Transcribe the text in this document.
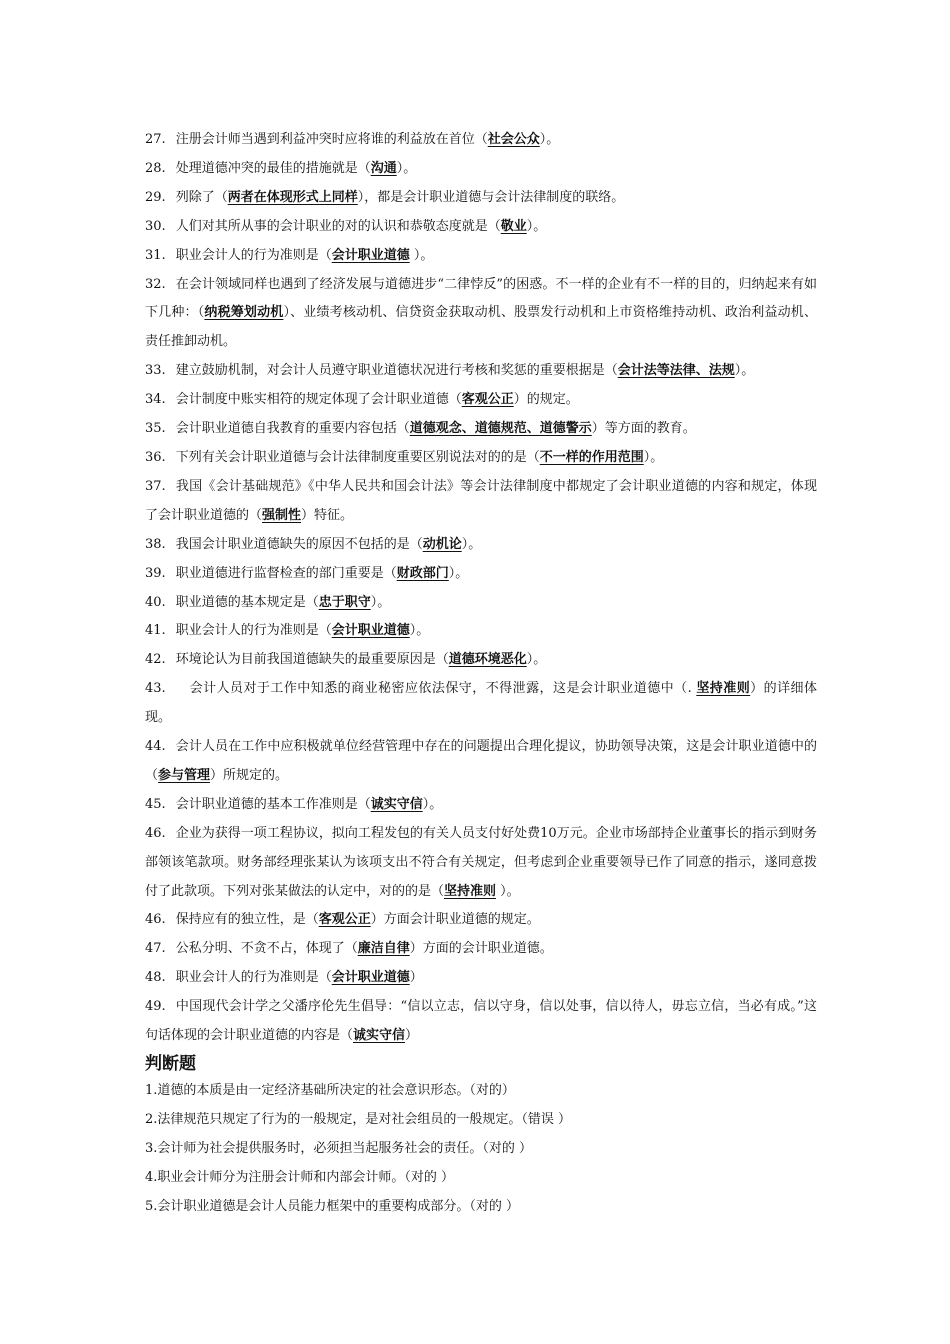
27. 注册会计师当遇到利益冲突时应将谁的利益放在首位（社会公众）。

28. 处理道德冲突的最佳的措施就是（沟通）。

29. 列除了（两者在体现形式上同样），都是会计职业道德与会计法律制度的联络。

30. 人们对其所从事的会计职业的对的认识和恭敬态度就是（敬业）。

31. 职业会计人的行为准则是（会计职业道德 ）。

32. 在会计领域同样也遇到了经济发展与道德进步“二律悖反”的困惑。不一样的企业有不一样的目的，归纳起来有如下几种：（纳税筹划动机）、业绩考核动机、信贷资金获取动机、股票发行动机和上市资格维持动机、政治利益动机、责任推卸动机。

33. 建立鼓励机制，对会计人员遵守职业道德状况进行考核和奖惩的重要根据是（会计法等法律、法规）。

34. 会计制度中账实相符的规定体现了会计职业道德（客观公正）的规定。

35. 会计职业道德自我教育的重要内容包括（道德观念、道德规范、道德警示）等方面的教育。

36. 下列有关会计职业道德与会计法律制度重要区别说法对的的是（不一样的作用范围）。

37. 我国《会计基础规范》《中华人民共和国会计法》等会计法律制度中都规定了会计职业道德的内容和规定，体现了会计职业道德的（强制性）特征。

38. 我国会计职业道德缺失的原因不包括的是（动机论）。

39. 职业道德进行监督检查的部门重要是（财政部门）。

40. 职业道德的基本规定是（忠于职守）。

41. 职业会计人的行为准则是（会计职业道德）。

42. 环境论认为目前我国道德缺失的最重要原因是（道德环境恶化）。

43.　会计人员对于工作中知悉的商业秘密应依法保守，不得泄露，这是会计职业道德中（. 坚持准则）的详细体现。

44. 会计人员在工作中应积极就单位经营管理中存在的问题提出合理化提议，协助领导决策，这是会计职业道德中的（参与管理）所规定的。

45. 会计职业道德的基本工作准则是（诚实守信）。

46. 企业为获得一项工程协议，拟向工程发包的有关人员支付好处费10万元。企业市场部持企业董事长的指示到财务部领该笔款项。财务部经理张某认为该项支出不符合有关规定，但考虑到企业重要领导已作了同意的指示，遂同意拨付了此款项。下列对张某做法的认定中，对的的是（坚持准则 ）。

46. 保持应有的独立性，是（客观公正）方面会计职业道德的规定。

47. 公私分明、不贪不占，体现了（廉洁自律）方面的会计职业道德。

48. 职业会计人的行为准则是（会计职业道德）

49. 中国现代会计学之父潘序伦先生倡导：“信以立志，信以守身，信以处事，信以待人，毋忘立信，当必有成。”这句话体现的会计职业道德的内容是（诚实守信）

判断题

1.道德的本质是由一定经济基础所决定的社会意识形态。（对的）

2.法律规范只规定了行为的一般规定，是对社会组员的一般规定。（错误 ）

3.会计师为社会提供服务时，必须担当起服务社会的责任。（对的 ）

4.职业会计师分为注册会计师和内部会计师。（对的 ）

5.会计职业道德是会计人员能力框架中的重要构成部分。（对的 ）
